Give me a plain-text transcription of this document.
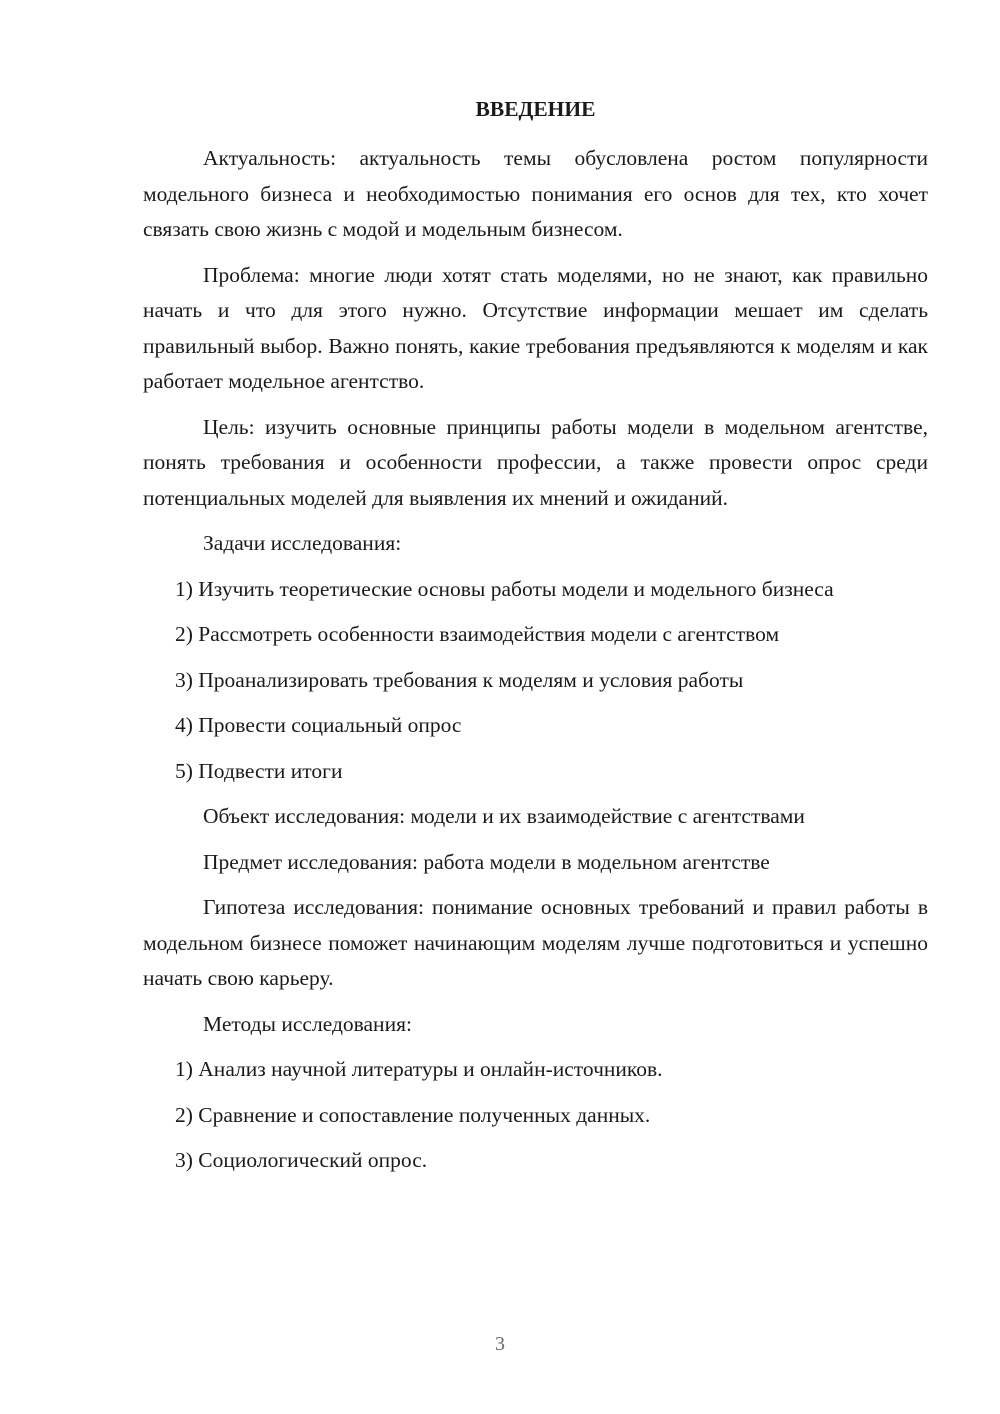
ВВЕДЕНИЕ

Актуальность: актуальность темы обусловлена ростом популярности модельного бизнеса и необходимостью понимания его основ для тех, кто хочет связать свою жизнь с модой и модельным бизнесом.

Проблема: многие люди хотят стать моделями, но не знают, как правильно начать и что для этого нужно. Отсутствие информации мешает им сделать правильный выбор. Важно понять, какие требования предъявляются к моделям и как работает модельное агентство.

Цель: изучить основные принципы работы модели в модельном агентстве, понять требования и особенности профессии, а также провести опрос среди потенциальных моделей для выявления их мнений и ожиданий.

Задачи исследования:

1) Изучить теоретические основы работы модели и модельного бизнеса

2) Рассмотреть особенности взаимодействия модели с агентством

3) Проанализировать требования к моделям и условия работы

4) Провести социальный опрос

5) Подвести итоги

Объект исследования: модели и их взаимодействие с агентствами

Предмет исследования: работа модели в модельном агентстве

Гипотеза исследования: понимание основных требований и правил работы в модельном бизнесе поможет начинающим моделям лучше подготовиться и успешно начать свою карьеру.

Методы исследования:

1) Анализ научной литературы и онлайн-источников.

2) Сравнение и сопоставление полученных данных.

3) Социологический опрос.

3
